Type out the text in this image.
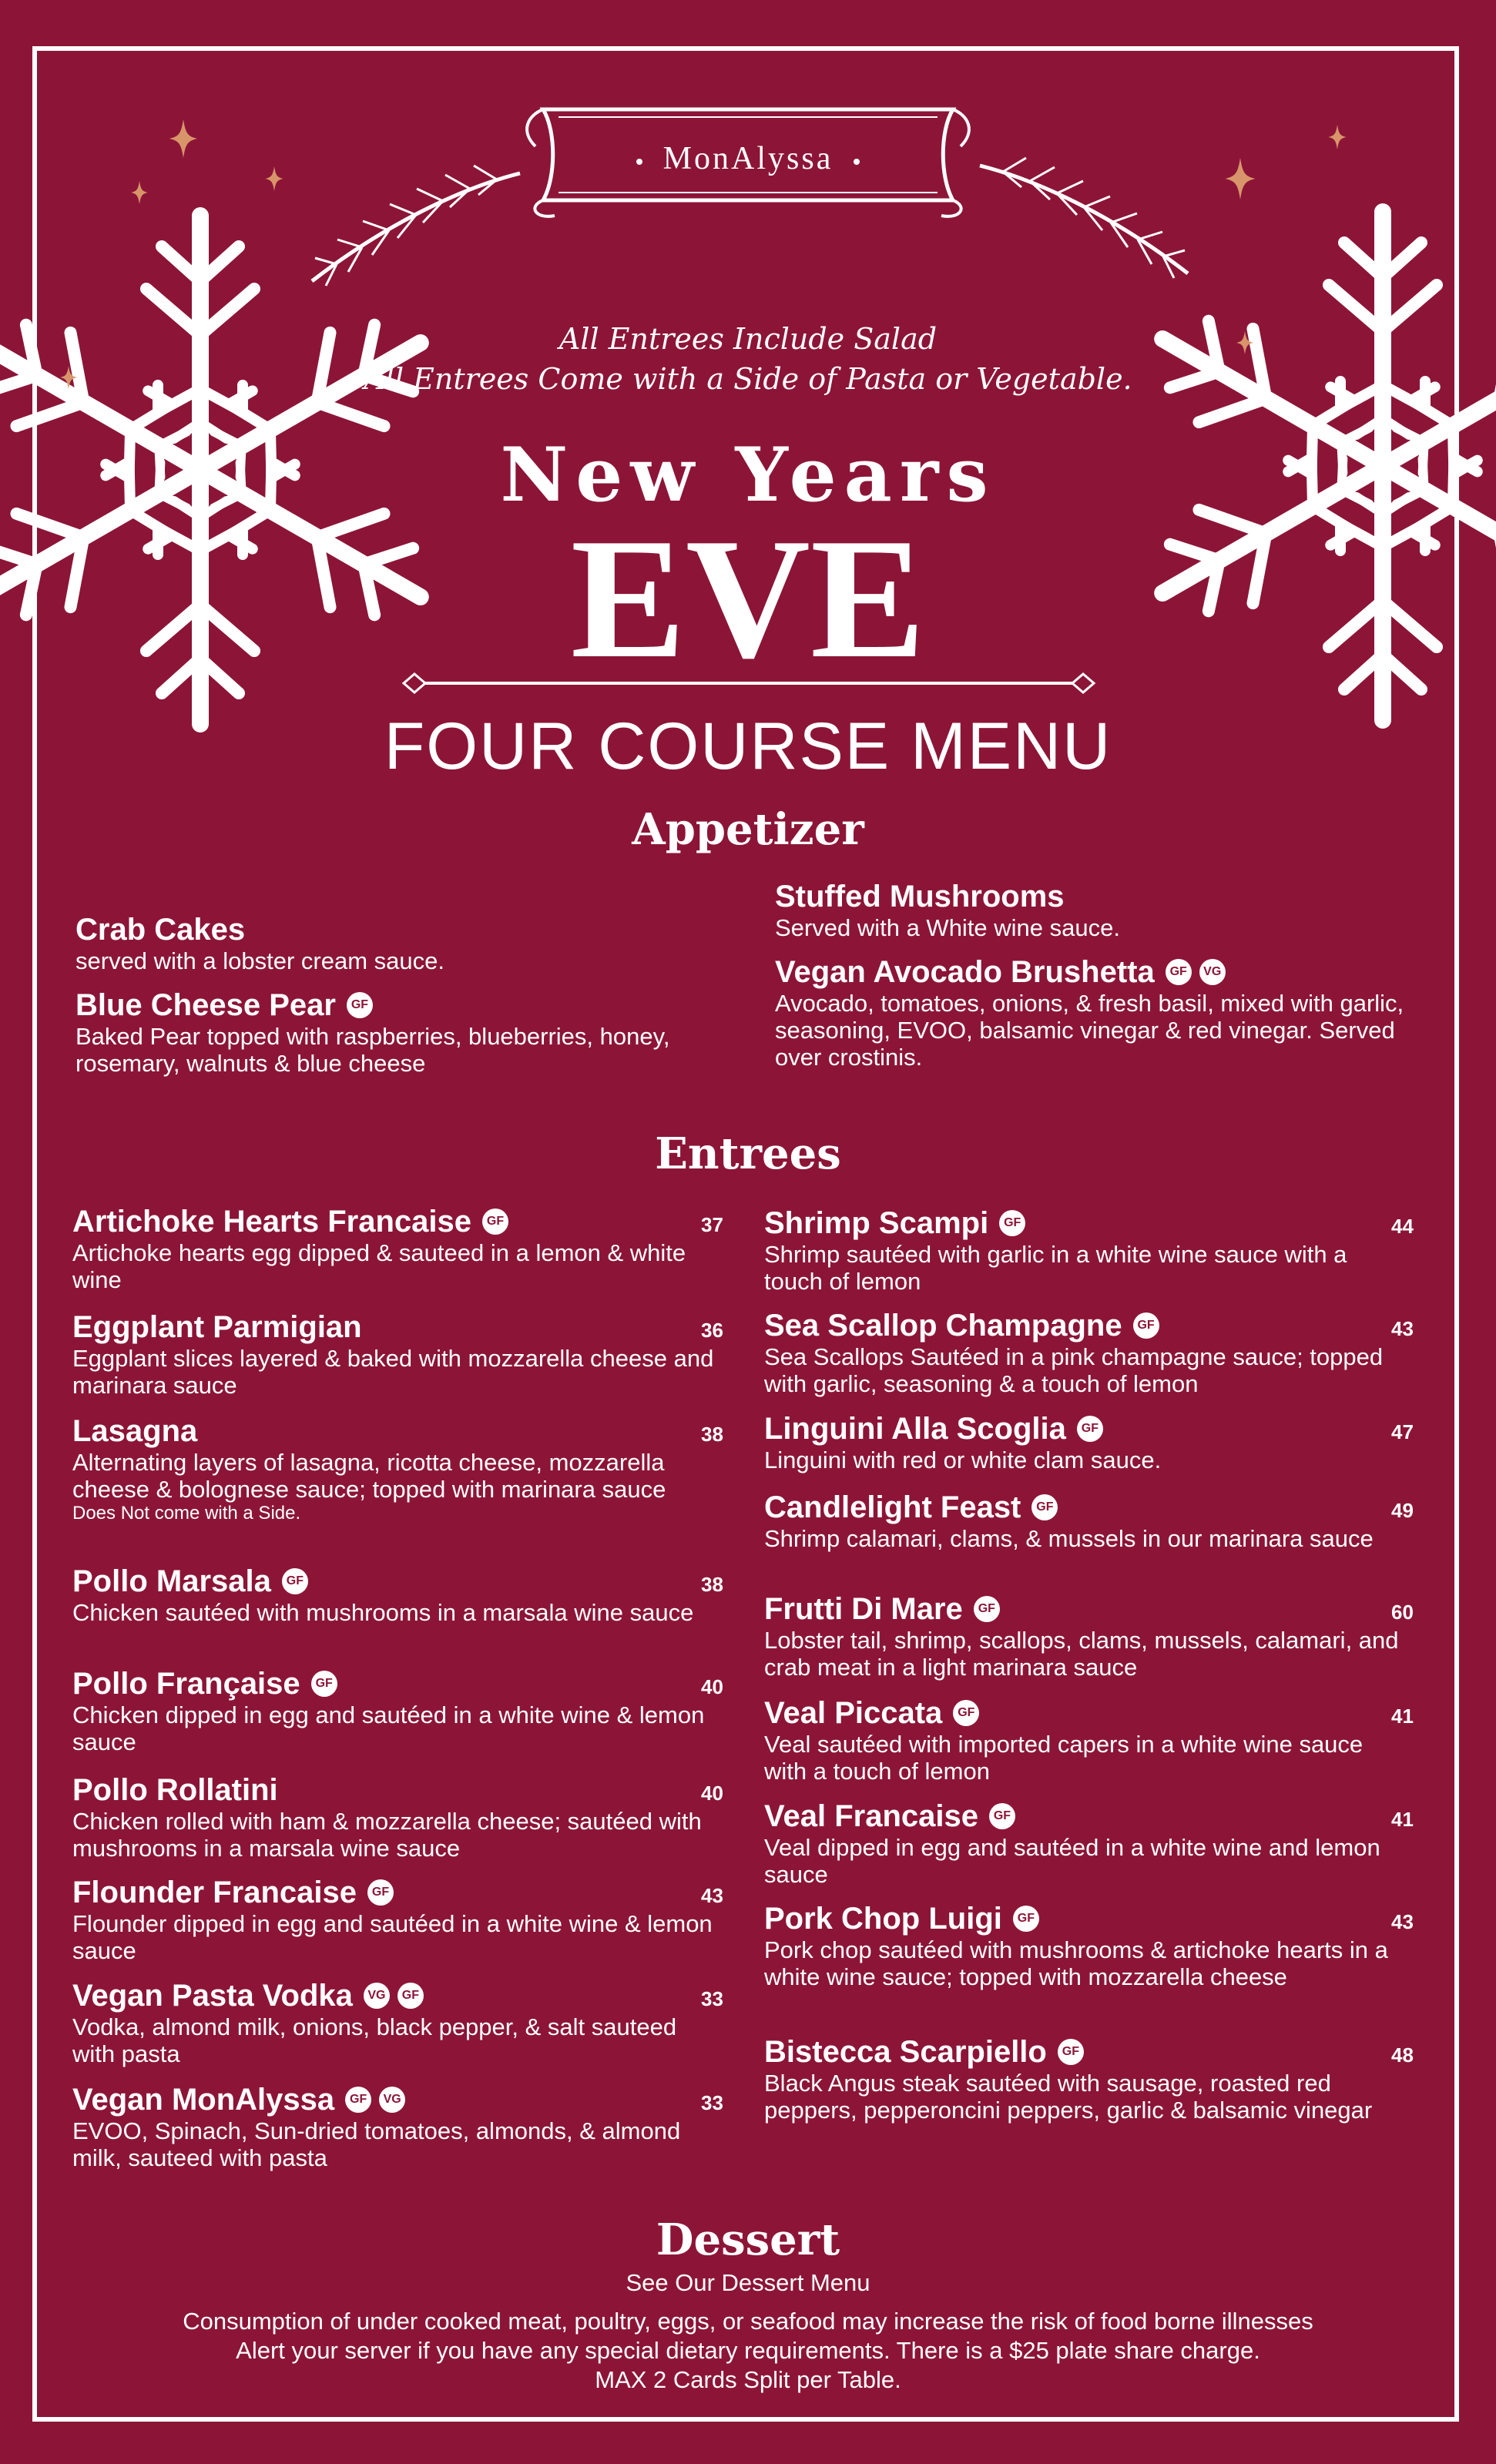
MonAlyssa
All Entrees Include Salad
All Entrees Come with a Side of Pasta or Vegetable.
New Years
EVE
FOUR COURSE MENU
Appetizer
Crab Cakes
served with a lobster cream sauce.
Blue Cheese Pear	GF
Baked Pear topped with raspberries, blueberries, honey, rosemary, walnuts & blue cheese
Stuffed Mushrooms
Served with a White wine sauce.
Vegan Avocado Brushetta	GF	VG
Avocado, tomatoes, onions, & fresh basil, mixed with garlic, seasoning, EVOO, balsamic vinegar & red vinegar. Served over crostinis.
Entrees
Artichoke Hearts Francaise	GF
Artichoke hearts egg dipped & sauteed in a lemon & white wine
37
Eggplant Parmigian
Eggplant slices layered & baked with mozzarella cheese and marinara sauce
36
Lasagna
Alternating layers of lasagna, ricotta cheese, mozzarella cheese & bolognese sauce; topped with marinara sauce
Does Not come with a Side.
38
Pollo Marsala	GF
Chicken sautéed with mushrooms in a marsala wine sauce
38
Pollo Française	GF
Chicken dipped in egg and sautéed in a white wine & lemon sauce
40
Pollo Rollatini
Chicken rolled with ham & mozzarella cheese; sautéed with mushrooms in a marsala wine sauce
40
Flounder Francaise	GF
Flounder dipped in egg and sautéed in a white wine & lemon sauce
43
Vegan Pasta Vodka	VG	GF
Vodka, almond milk, onions, black pepper, & salt sauteed with pasta
33
Vegan MonAlyssa	GF	VG
EVOO, Spinach, Sun-dried tomatoes, almonds, & almond milk, sauteed with pasta
33
Shrimp Scampi	GF
Shrimp sautéed with garlic in a white wine sauce with a touch of lemon
44
Sea Scallop Champagne	GF
Sea Scallops Sautéed in a pink champagne sauce; topped with garlic, seasoning & a touch of lemon
43
Linguini Alla Scoglia	GF
Linguini with red or white clam sauce.
47
Candlelight Feast	GF
Shrimp calamari, clams, & mussels in our marinara sauce
49
Frutti Di Mare	GF
Lobster tail, shrimp, scallops, clams, mussels, calamari, and crab meat in a light marinara sauce
60
Veal Piccata	GF
Veal sautéed with imported capers in a white wine sauce with a touch of lemon
41
Veal Francaise	GF
Veal dipped in egg and sautéed in a white wine and lemon sauce
41
Pork Chop Luigi	GF
Pork chop sautéed with mushrooms & artichoke hearts in a white wine sauce; topped with mozzarella cheese
43
Bistecca Scarpiello	GF
Black Angus steak sautéed with sausage, roasted red peppers, pepperoncini peppers, garlic & balsamic vinegar
48
Dessert
See Our Dessert Menu
Consumption of under cooked meat, poultry, eggs, or seafood may increase the risk of food borne illnesses
Alert your server if you have any special dietary requirements. There is a $25 plate share charge.
MAX 2 Cards Split per Table.
